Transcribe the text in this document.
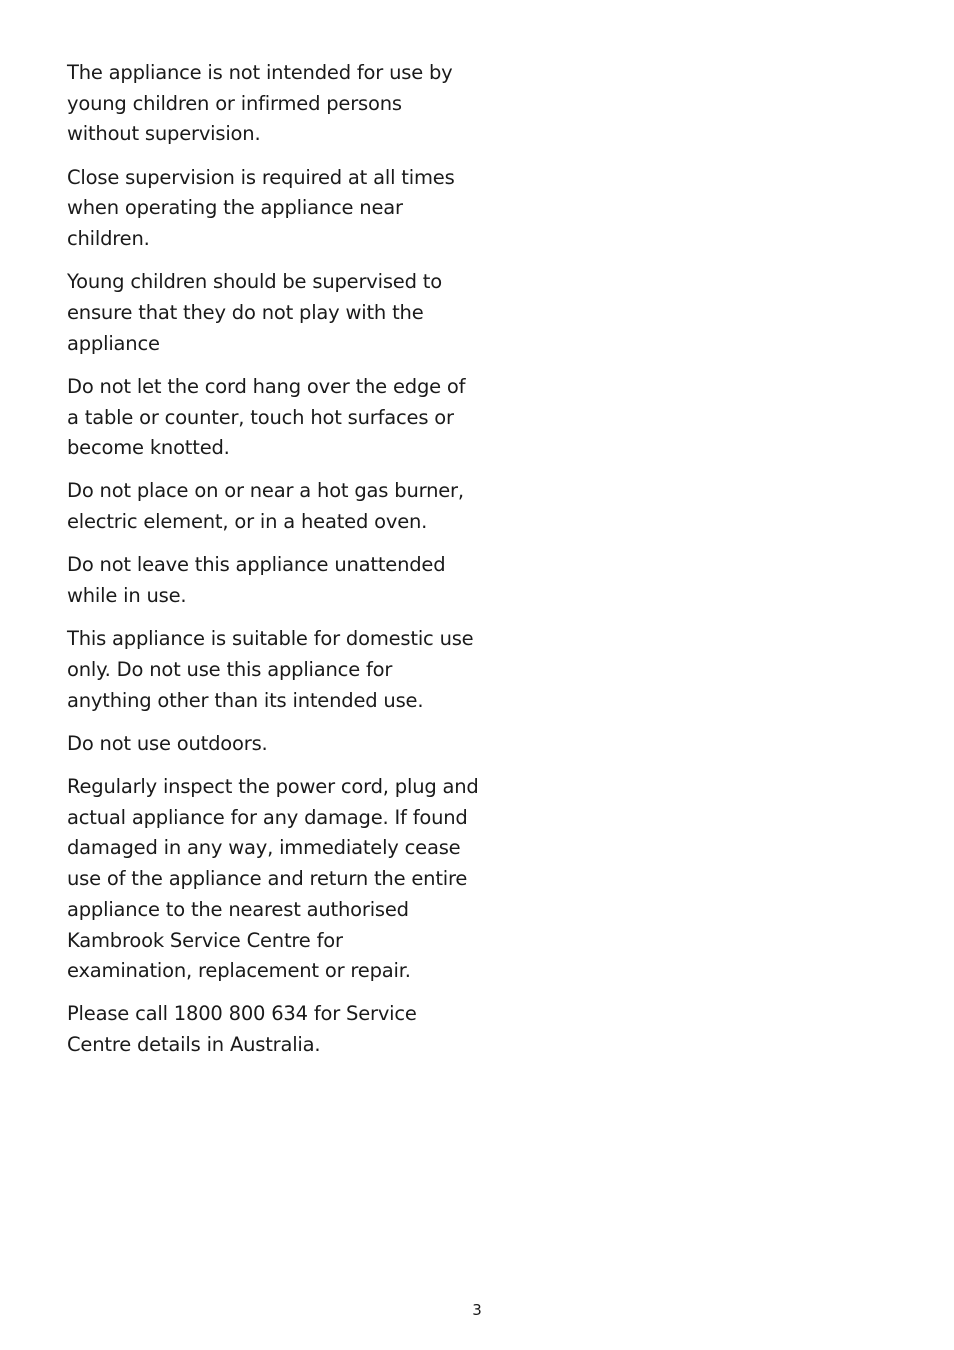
The appliance is not intended for use by
young children or infirmed persons
without supervision.

Close supervision is required at all times
when operating the appliance near
children.

Young children should be supervised to
ensure that they do not play with the
appliance

Do not let the cord hang over the edge of
a table or counter, touch hot surfaces or
become knotted.

Do not place on or near a hot gas burner,
electric element, or in a heated oven.

Do not leave this appliance unattended
while in use.

This appliance is suitable for domestic use
only. Do not use this appliance for
anything other than its intended use.

Do not use outdoors.

Regularly inspect the power cord, plug and
actual appliance for any damage. If found
damaged in any way, immediately cease
use of the appliance and return the entire
appliance to the nearest authorised
Kambrook Service Centre for
examination, replacement or repair.

Please call 1800 800 634 for Service
Centre details in Australia.

3
